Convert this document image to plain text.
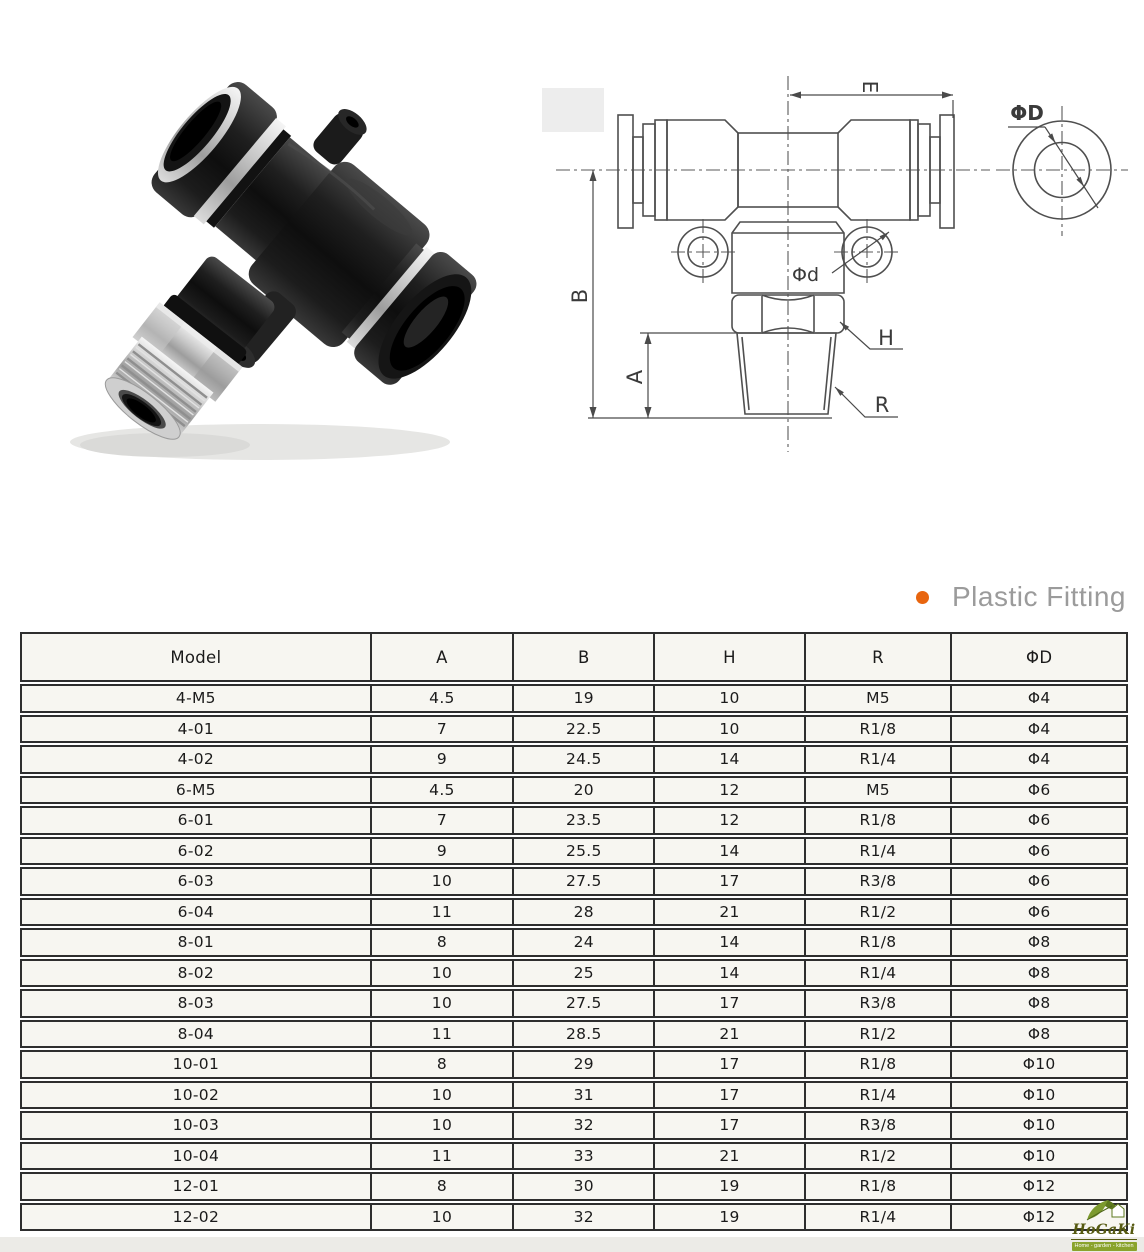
E
B
A
Φd
H
R
ΦD
Plastic Fitting
Model	A	B	H	R	ΦD
4-M5	4.5	19	10	M5	Φ4
4-01	7	22.5	10	R1/8	Φ4
4-02	9	24.5	14	R1/4	Φ4
6-M5	4.5	20	12	M5	Φ6
6-01	7	23.5	12	R1/8	Φ6
6-02	9	25.5	14	R1/4	Φ6
6-03	10	27.5	17	R3/8	Φ6
6-04	11	28	21	R1/2	Φ6
8-01	8	24	14	R1/8	Φ8
8-02	10	25	14	R1/4	Φ8
8-03	10	27.5	17	R3/8	Φ8
8-04	11	28.5	21	R1/2	Φ8
10-01	8	29	17	R1/8	Φ10
10-02	10	31	17	R1/4	Φ10
10-03	10	32	17	R3/8	Φ10
10-04	11	33	21	R1/2	Φ10
12-01	8	30	19	R1/8	Φ12
12-02	10	32	19	R1/4	Φ12
HoGaKi
Home - garden - kitchen
